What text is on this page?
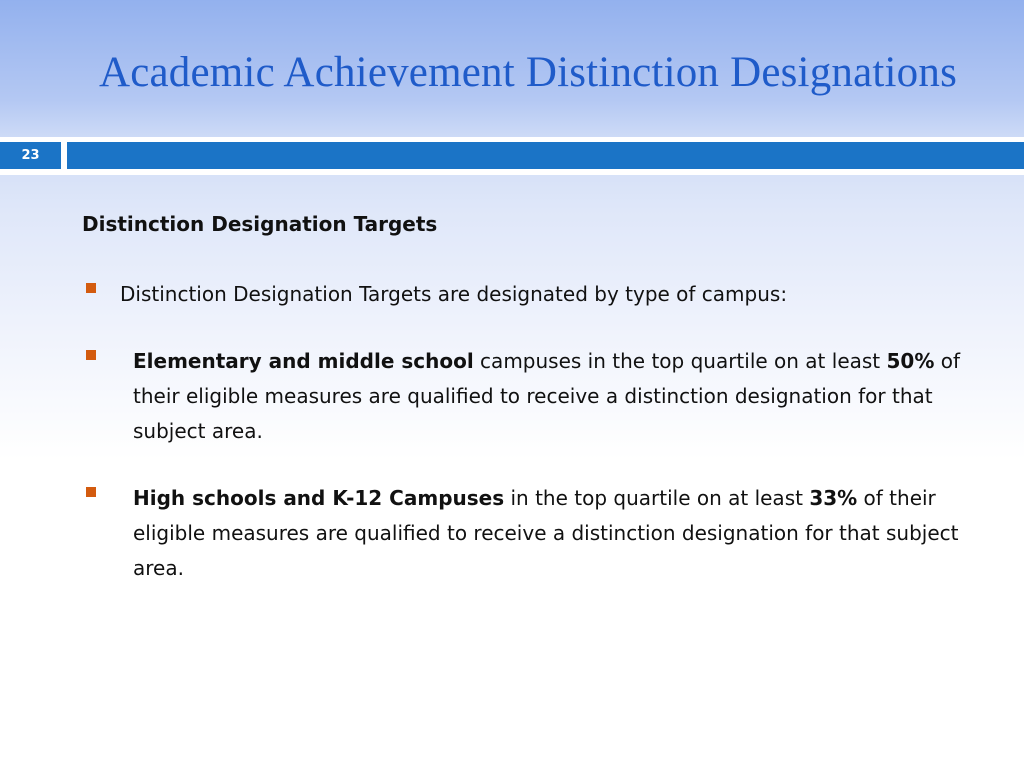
Academic Achievement Distinction Designations
23
Distinction Designation Targets
Distinction Designation Targets are designated by type of campus:
Elementary and middle school campuses in the top quartile on at least 50% of their eligible measures are qualified to receive a distinction designation for that subject area.
High schools and K-12 Campuses in the top quartile on at least 33% of their eligible measures are qualified to receive a distinction designation for that subject area.
